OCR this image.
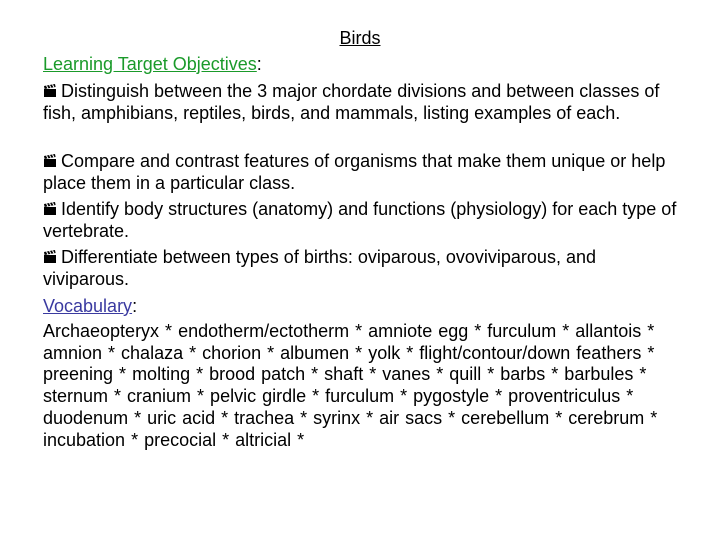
Birds
Learning Target Objectives:
Distinguish between the 3 major chordate divisions and between classes of fish, amphibians, reptiles, birds, and mammals, listing examples of each.
Compare and contrast features of organisms that make them unique or help place them in a particular class.
Identify body structures (anatomy) and functions (physiology) for each type of vertebrate.
Differentiate between types of births: oviparous, ovoviviparous, and viviparous.
Vocabulary:
Archaeopteryx * endotherm/ectotherm * amniote egg * furculum * allantois * amnion * chalaza * chorion * albumen * yolk * flight/contour/down feathers * preening * molting * brood patch * shaft * vanes * quill * barbs * barbules * sternum * cranium * pelvic girdle * furculum * pygostyle * proventriculus * duodenum * uric acid * trachea * syrinx * air sacs * cerebellum * cerebrum * incubation * precocial * altricial *
